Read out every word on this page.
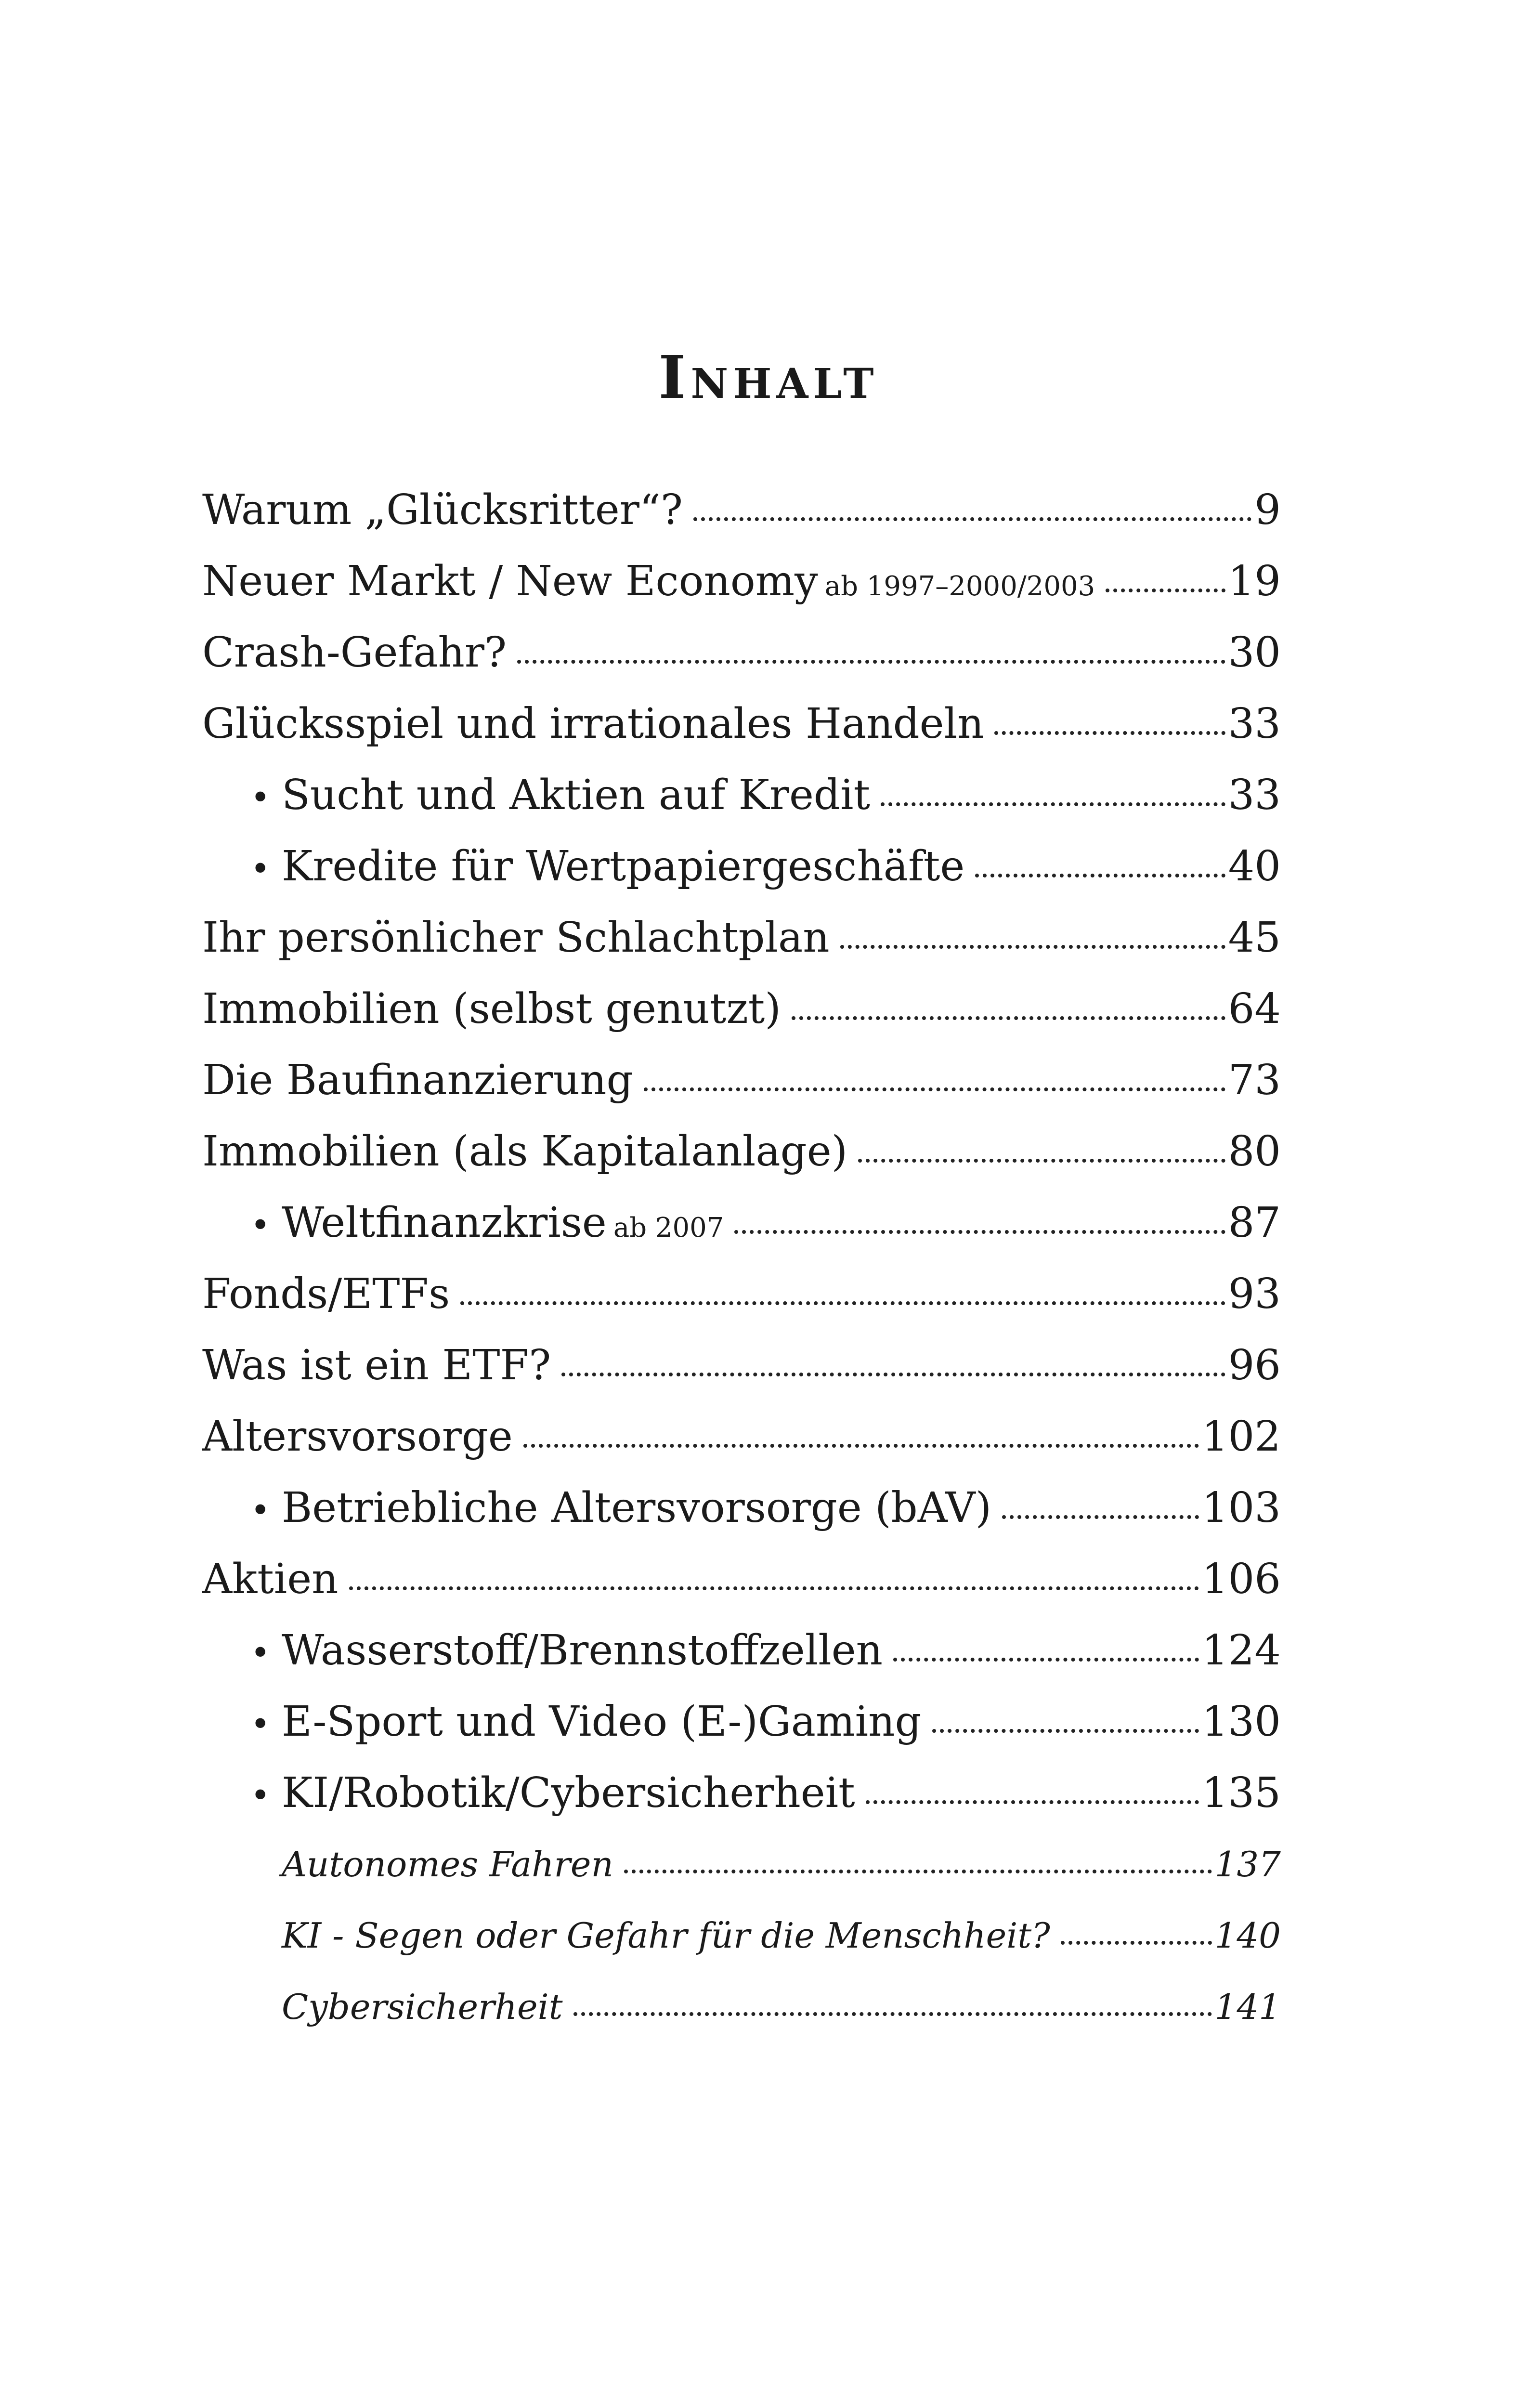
Inhalt
Warum „Glücksritter“?	9
Neuer Markt / New Economy ab 1997–2000/2003	19
Crash-Gefahr?	30
Glücksspiel und irrationales Handeln	33
• Sucht und Aktien auf Kredit	33
• Kredite für Wertpapiergeschäfte	40
Ihr persönlicher Schlachtplan	45
Immobilien (selbst genutzt)	64
Die Baufinanzierung	73
Immobilien (als Kapitalanlage)	80
• Weltfinanzkrise ab 2007	87
Fonds/ETFs	93
Was ist ein ETF?	96
Altersvorsorge	102
• Betriebliche Altersvorsorge (bAV)	103
Aktien	106
• Wasserstoff/Brennstoffzellen	124
• E-Sport und Video (E-)Gaming	130
• KI/Robotik/Cybersicherheit	135
Autonomes Fahren	137
KI - Segen oder Gefahr für die Menschheit?	140
Cybersicherheit	141
